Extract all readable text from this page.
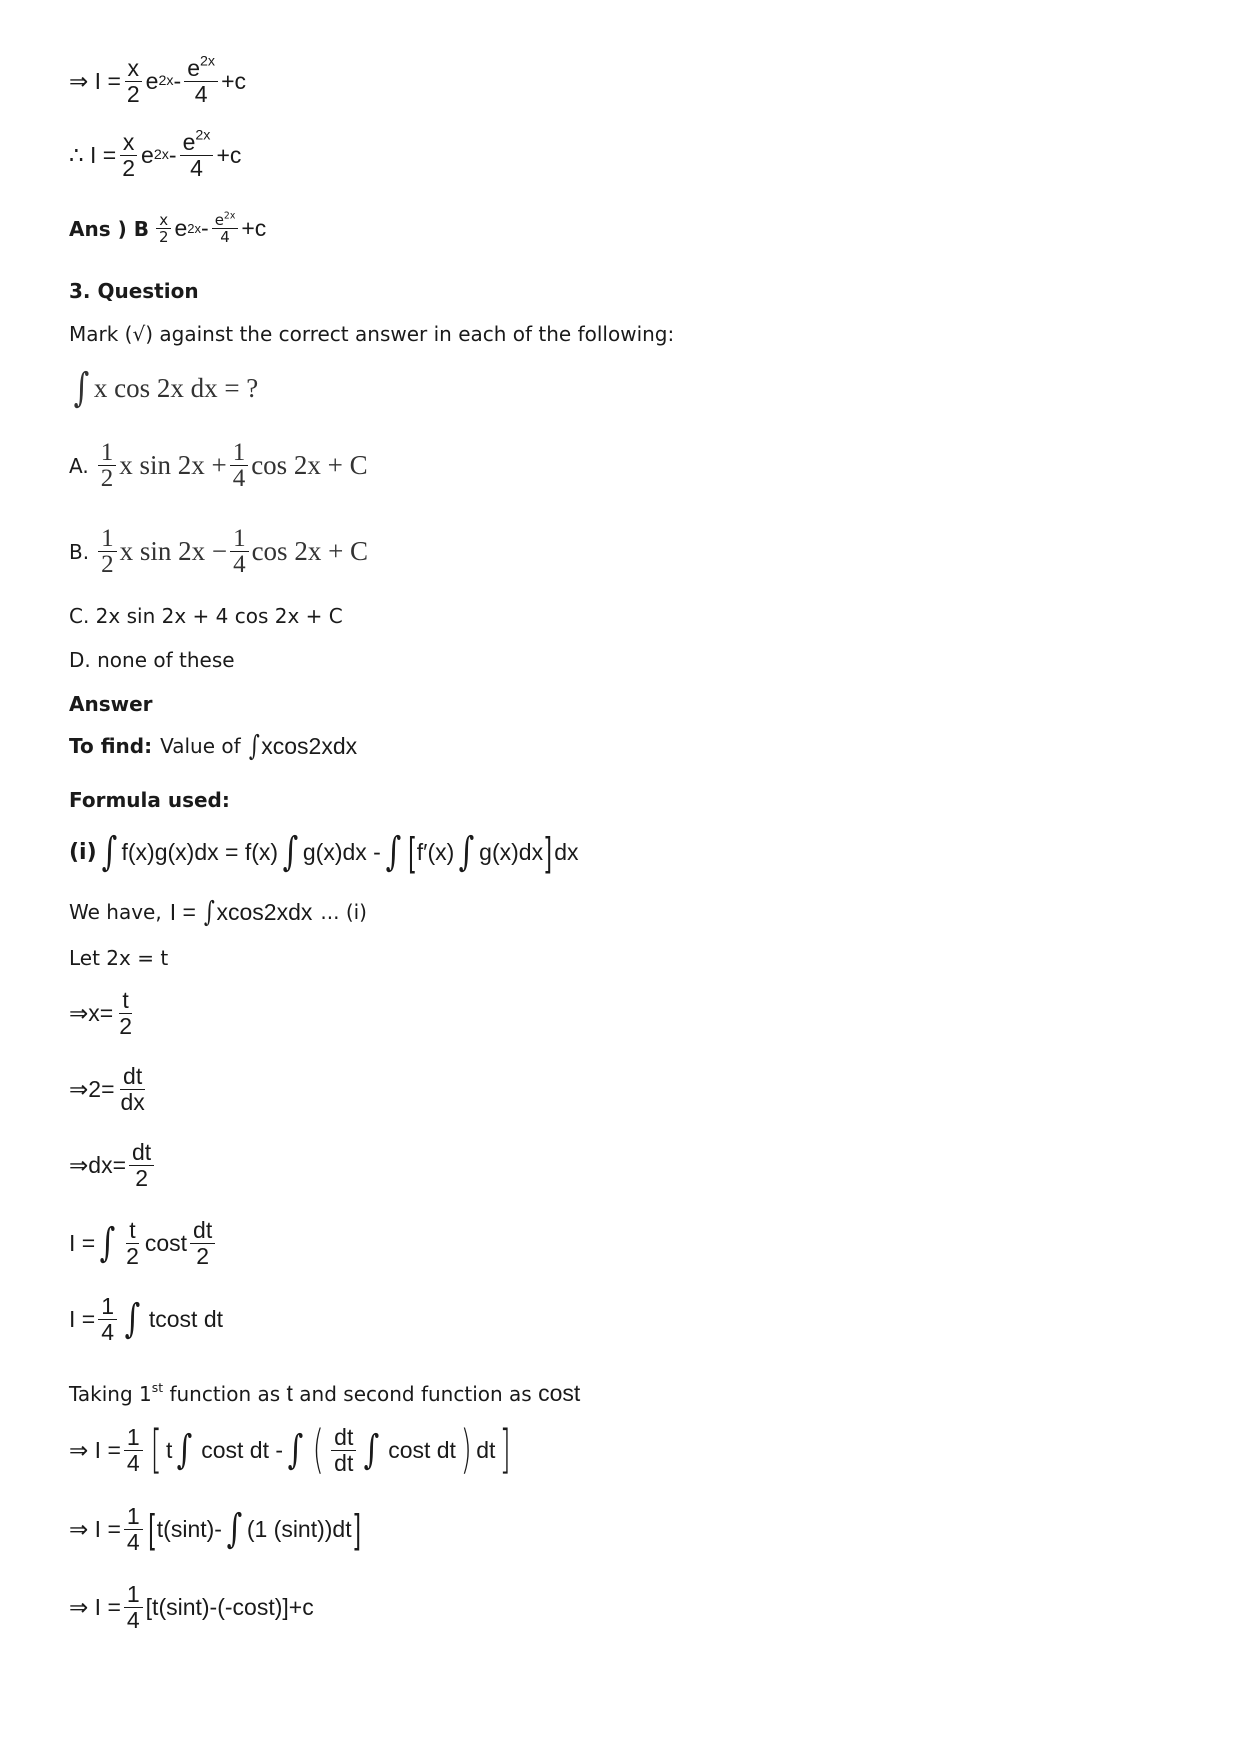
⇒ $I = \frac{x}{2}$ e $2x - \frac{e^{2x}}{4} +c$
∴ $I = \frac{x}{2}$ e $2x - \frac{e^{2x}}{4} +c$
Ans ) B $\frac{x}{2}$ e $2x - \frac{e^{2x}}{4} +c$
3. Question
Mark (√) against the correct answer in each of the following:
∫ x cos 2x dx = ?
A. $\frac{1}{2}$ x $\sin 2x + \frac{1}{4}$ cos 2x + C
B. $\frac{1}{2}$ x $\sin 2x - \frac{1}{4}$ cos 2x + C
C. 2x sin 2x + 4 cos 2x + C
D. none of these
Answer
To find: Value of ∫ xcos2xdx
Formula used:
(i) ∫ f(x)g(x)dx = f(x) ∫ g(x)dx - ∫ [ f′(x) ∫ g(x)dx ] dx
We have, I = ∫ xcos2xdx ... (i)
Let 2x = t
⇒x= $\frac{t}{2}$
⇒2= $\frac{dt}{dx}$
⇒dx= $\frac{dt}{2}$
I = ∫ $\frac{t}{2}$ cost $\frac{dt}{2}$
$I = \frac{1}{4}$ ∫ tcost dt
Taking 1st function as t and second function as cost
⇒ $I = \frac{1}{4}$ [ t ∫ cost dt - ∫ ( $\frac{dt}{dt}$ ∫ cost dt ) dt ]
⇒ $I = \frac{1}{4}$ [ t(sint)- ∫ (1 (sint))dt ]
⇒ $I = \frac{1}{4} [t(\sin t)-(-\cos t)]+c$
